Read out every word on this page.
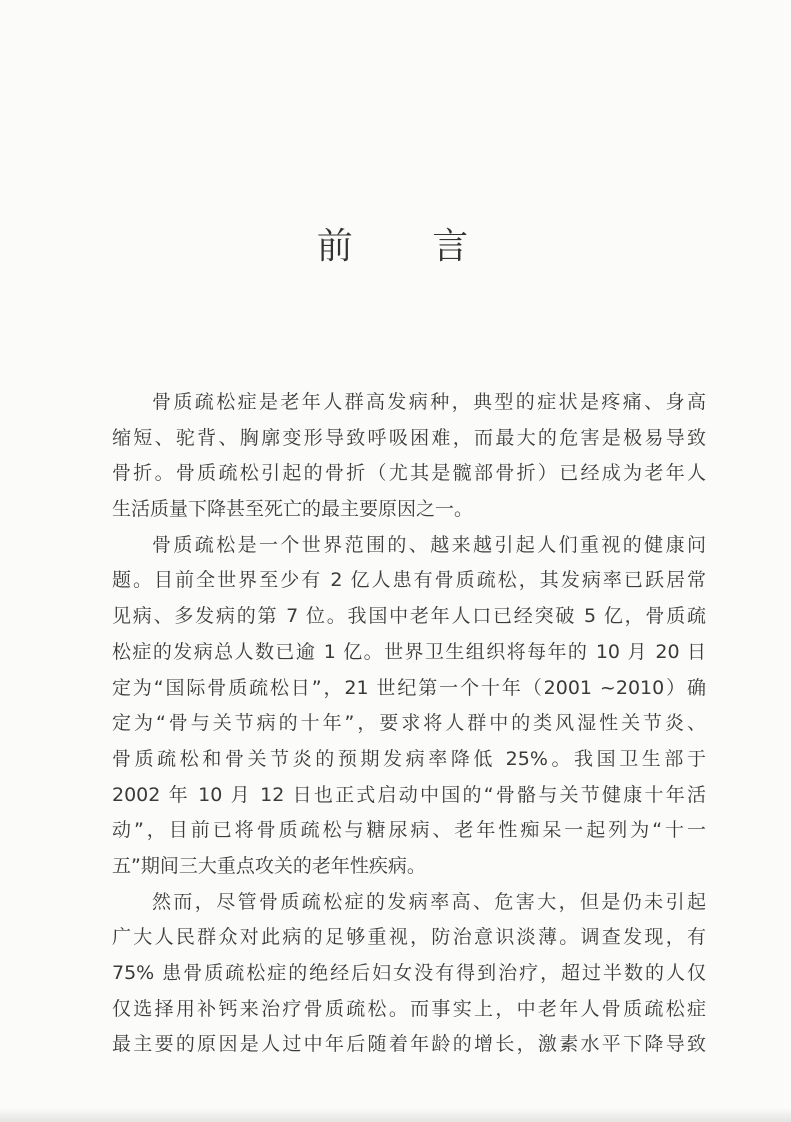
前 言
骨质疏松症是老年人群高发病种，典型的症状是疼痛、身高
缩短、驼背、胸廓变形导致呼吸困难，而最大的危害是极易导致
骨折。骨质疏松引起的骨折（尤其是髋部骨折）已经成为老年人
生活质量下降甚至死亡的最主要原因之一。
骨质疏松是一个世界范围的、越来越引起人们重视的健康问
题。目前全世界至少有 2 亿人患有骨质疏松，其发病率已跃居常
见病、多发病的第 7 位。我国中老年人口已经突破 5 亿，骨质疏
松症的发病总人数已逾 1 亿。世界卫生组织将每年的 10 月 20 日
定为“国际骨质疏松日”，21 世纪第一个十年（2001 ~2010）确
定为“骨与关节病的十年”，要求将人群中的类风湿性关节炎、
骨质疏松和骨关节炎的预期发病率降低 25%。我国卫生部于
2002 年 10 月 12 日也正式启动中国的“骨骼与关节健康十年活
动”，目前已将骨质疏松与糖尿病、老年性痴呆一起列为“十一
五”期间三大重点攻关的老年性疾病。
然而，尽管骨质疏松症的发病率高、危害大，但是仍未引起
广大人民群众对此病的足够重视，防治意识淡薄。调查发现，有
75% 患骨质疏松症的绝经后妇女没有得到治疗，超过半数的人仅
仅选择用补钙来治疗骨质疏松。而事实上，中老年人骨质疏松症
最主要的原因是人过中年后随着年龄的增长，激素水平下降导致
